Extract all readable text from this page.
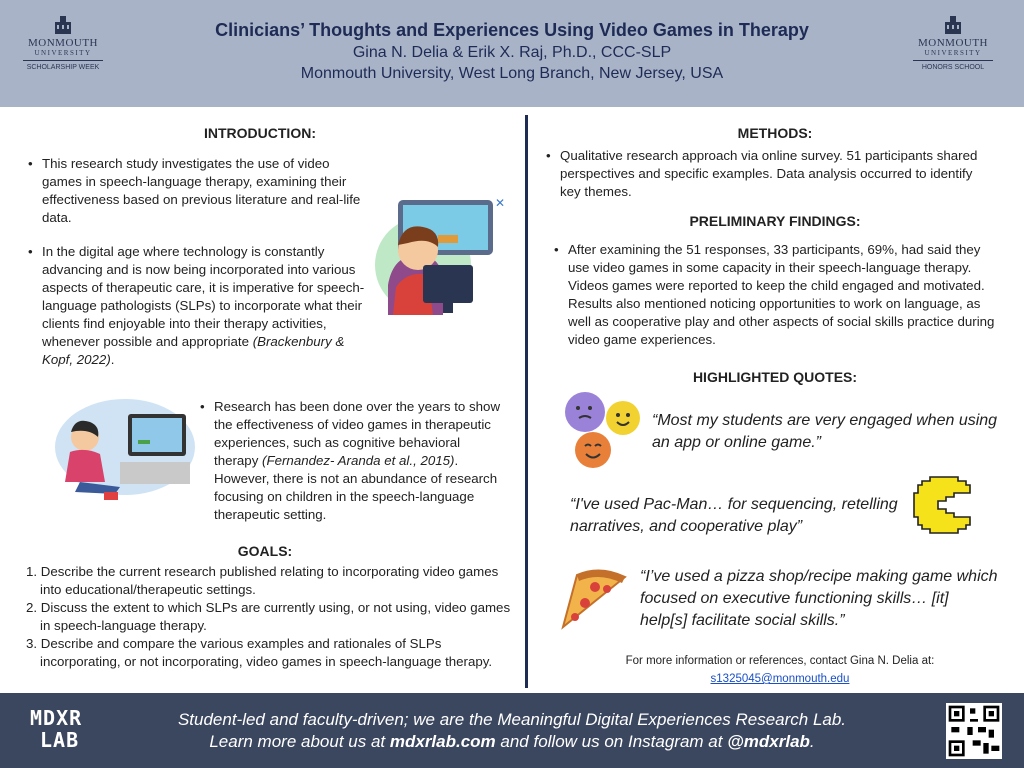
MONMOUTH
UNIVERSITY
SCHOLARSHIP WEEK
Clinicians’ Thoughts and Experiences Using Video Games in Therapy
Gina N. Delia & Erik X. Raj, Ph.D., CCC-SLP
Monmouth University, West Long Branch, New Jersey, USA
MONMOUTH
UNIVERSITY
HONORS SCHOOL
INTRODUCTION:
• This research study investigates the use of video games in speech-language therapy, examining their effectiveness based on previous literature and real-life data.
• In the digital age where technology is constantly advancing and is now being incorporated into various aspects of therapeutic care, it is imperative for speech-language pathologists (SLPs) to incorporate what their clients find enjoyable into their therapy activities, whenever possible and appropriate (Brackenbury & Kopf, 2022).
✕
• Research has been done over the years to show the effectiveness of video games in therapeutic experiences, such as cognitive behavioral therapy (Fernandez- Aranda et al., 2015). However, there is not an abundance of research focusing on children in the speech-language therapeutic setting.
GOALS:
1. Describe the current research published relating to incorporating video games into educational/therapeutic settings.
2. Discuss the extent to which SLPs are currently using, or not using, video games in speech-language therapy.
3. Describe and compare the various examples and rationales of SLPs incorporating, or not incorporating, video games in speech-language therapy.
METHODS:
• Qualitative research approach via online survey. 51 participants shared perspectives and specific examples. Data analysis occurred to identify key themes.
PRELIMINARY FINDINGS:
• After examining the 51 responses, 33 participants, 69%, had said they use video games in some capacity in their speech-language therapy. Videos games were reported to keep the child engaged and motivated. Results also mentioned noticing opportunities to work on language, as well as cooperative play and other aspects of social skills practice during video game experiences.
HIGHLIGHTED QUOTES:
“Most my students are very engaged when using an app or online game.”
“I've used Pac-Man… for sequencing, retelling narratives, and cooperative play”
“I’ve used a pizza shop/recipe making game which focused on executive functioning skills… [it] help[s] facilitate social skills.”
For more information or references, contact Gina N. Delia at:
s1325045@monmouth.edu
MDXR
LAB
Student-led and faculty-driven; we are the Meaningful Digital Experiences Research Lab.
Learn more about us at mdxrlab.com and follow us on Instagram at @mdxrlab.
